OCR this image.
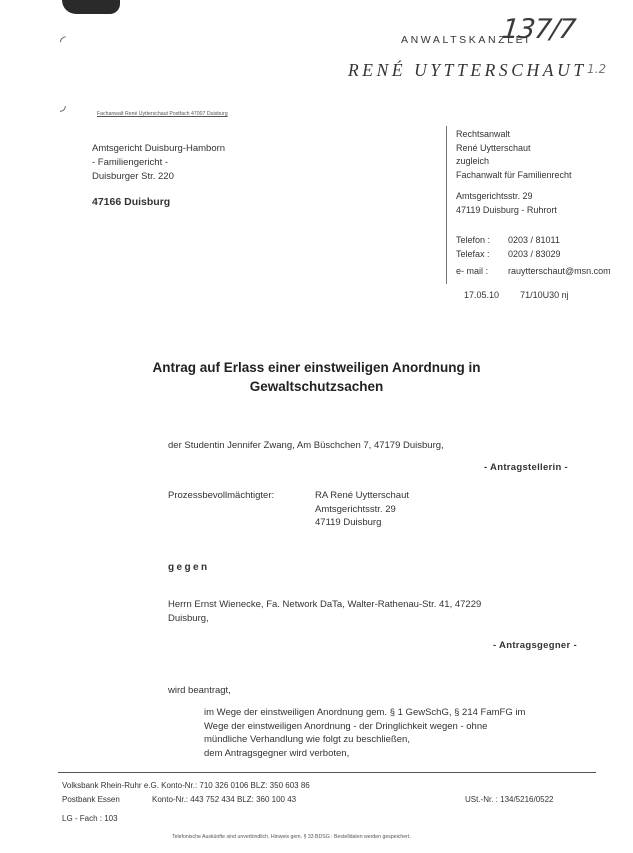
◜
◞
ANWALTSKANZLEI
137/7
RENÉ UYTTERSCHAUT 1.2
Fachanwalt René Uytterschaut Postfach 47007 Duisburg
Amtsgericht Duisburg-Hamborn
- Familiengericht -
Duisburger Str. 220
47166 Duisburg
Rechtsanwalt
René Uytterschaut
zugleich
Fachanwalt für Familienrecht
Amtsgerichtsstr. 29
47119 Duisburg - Ruhrort
Telefon : 0203 / 81011
Telefax : 0203 / 83029
e- mail : rauytterschaut@msn.com
17.05.10 71/10U30 nj
Antrag auf Erlass einer einstweiligen Anordnung in
Gewaltschutzsachen
der Studentin Jennifer Zwang, Am Büschchen 7, 47179 Duisburg,
- Antragstellerin -
Prozessbevollmächtigter:	RA René Uytterschaut
Amtsgerichtsstr. 29
47119 Duisburg
gegen
Herrn Ernst Wienecke, Fa. Network DaTa, Walter-Rathenau-Str. 41, 47229
Duisburg,
- Antragsgegner -
wird beantragt,
im Wege der einstweiligen Anordnung gem. § 1 GewSchG, § 214 FamFG im
Wege der einstweiligen Anordnung - der Dringlichkeit wegen - ohne
mündliche Verhandlung wie folgt zu beschließen,
dem Antragsgegner wird verboten,
Volksbank Rhein-Ruhr e.G. Konto-Nr.: 710 326 0106 BLZ: 350 603 86
Postbank Essen	Konto-Nr.: 443 752 434 BLZ: 360 100 43	USt.-Nr. : 134/5216/0522
LG - Fach : 103
Telefonische Auskünfte sind unverbindlich. Hinweis gem. § 33 BDSG : Bestelldaten werden gespeichert.
